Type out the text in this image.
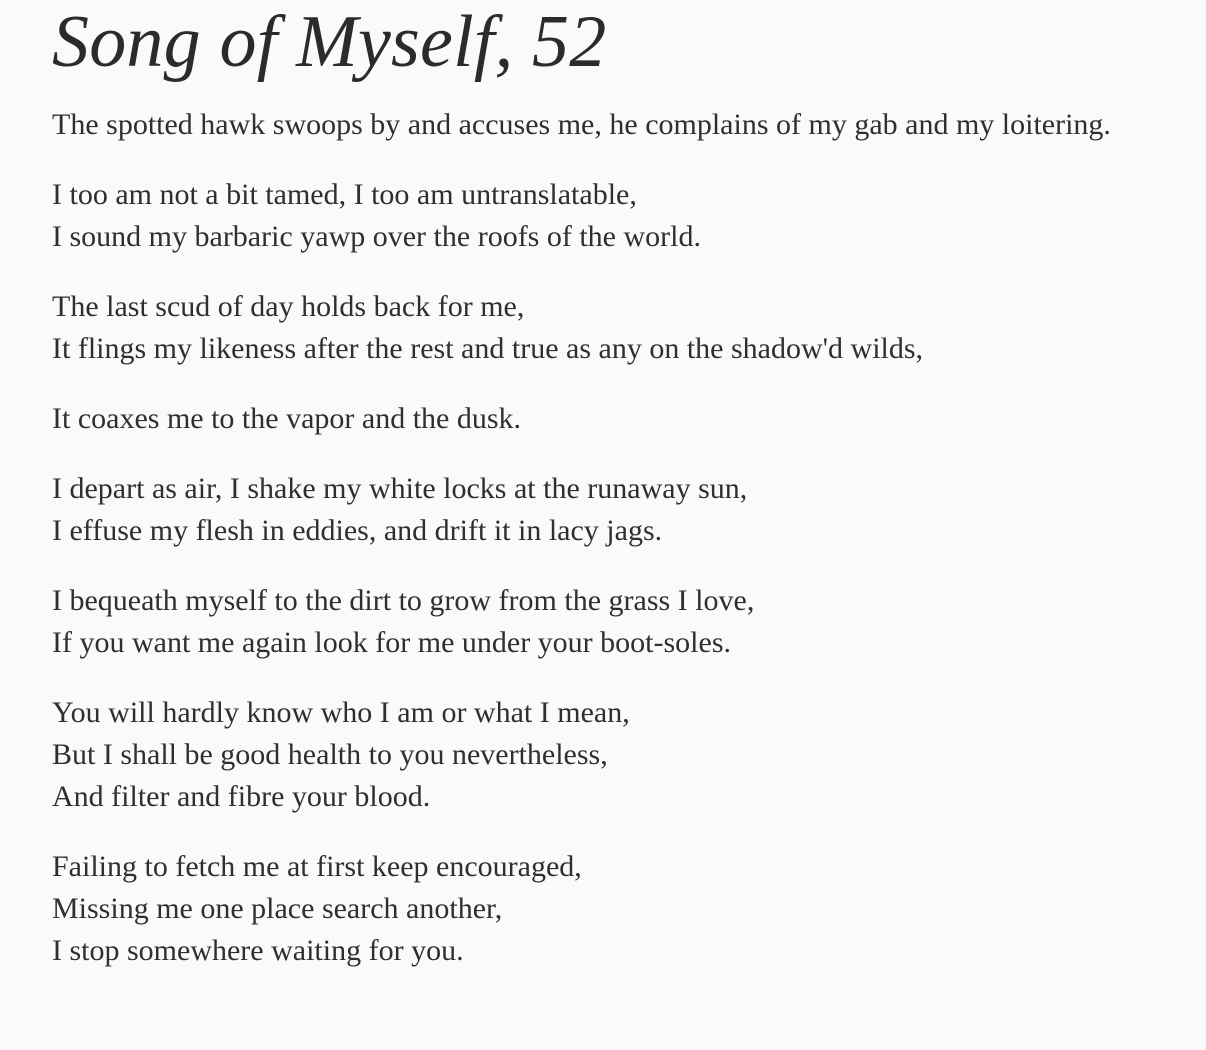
Song of Myself, 52

The spotted hawk swoops by and accuses me, he complains of my gab and my loitering.

I too am not a bit tamed, I too am untranslatable,
I sound my barbaric yawp over the roofs of the world.

The last scud of day holds back for me,
It flings my likeness after the rest and true as any on the shadow'd wilds,

It coaxes me to the vapor and the dusk.

I depart as air, I shake my white locks at the runaway sun,
I effuse my flesh in eddies, and drift it in lacy jags.

I bequeath myself to the dirt to grow from the grass I love,
If you want me again look for me under your boot-soles.

You will hardly know who I am or what I mean,
But I shall be good health to you nevertheless,
And filter and fibre your blood.

Failing to fetch me at first keep encouraged,
Missing me one place search another,
I stop somewhere waiting for you.
